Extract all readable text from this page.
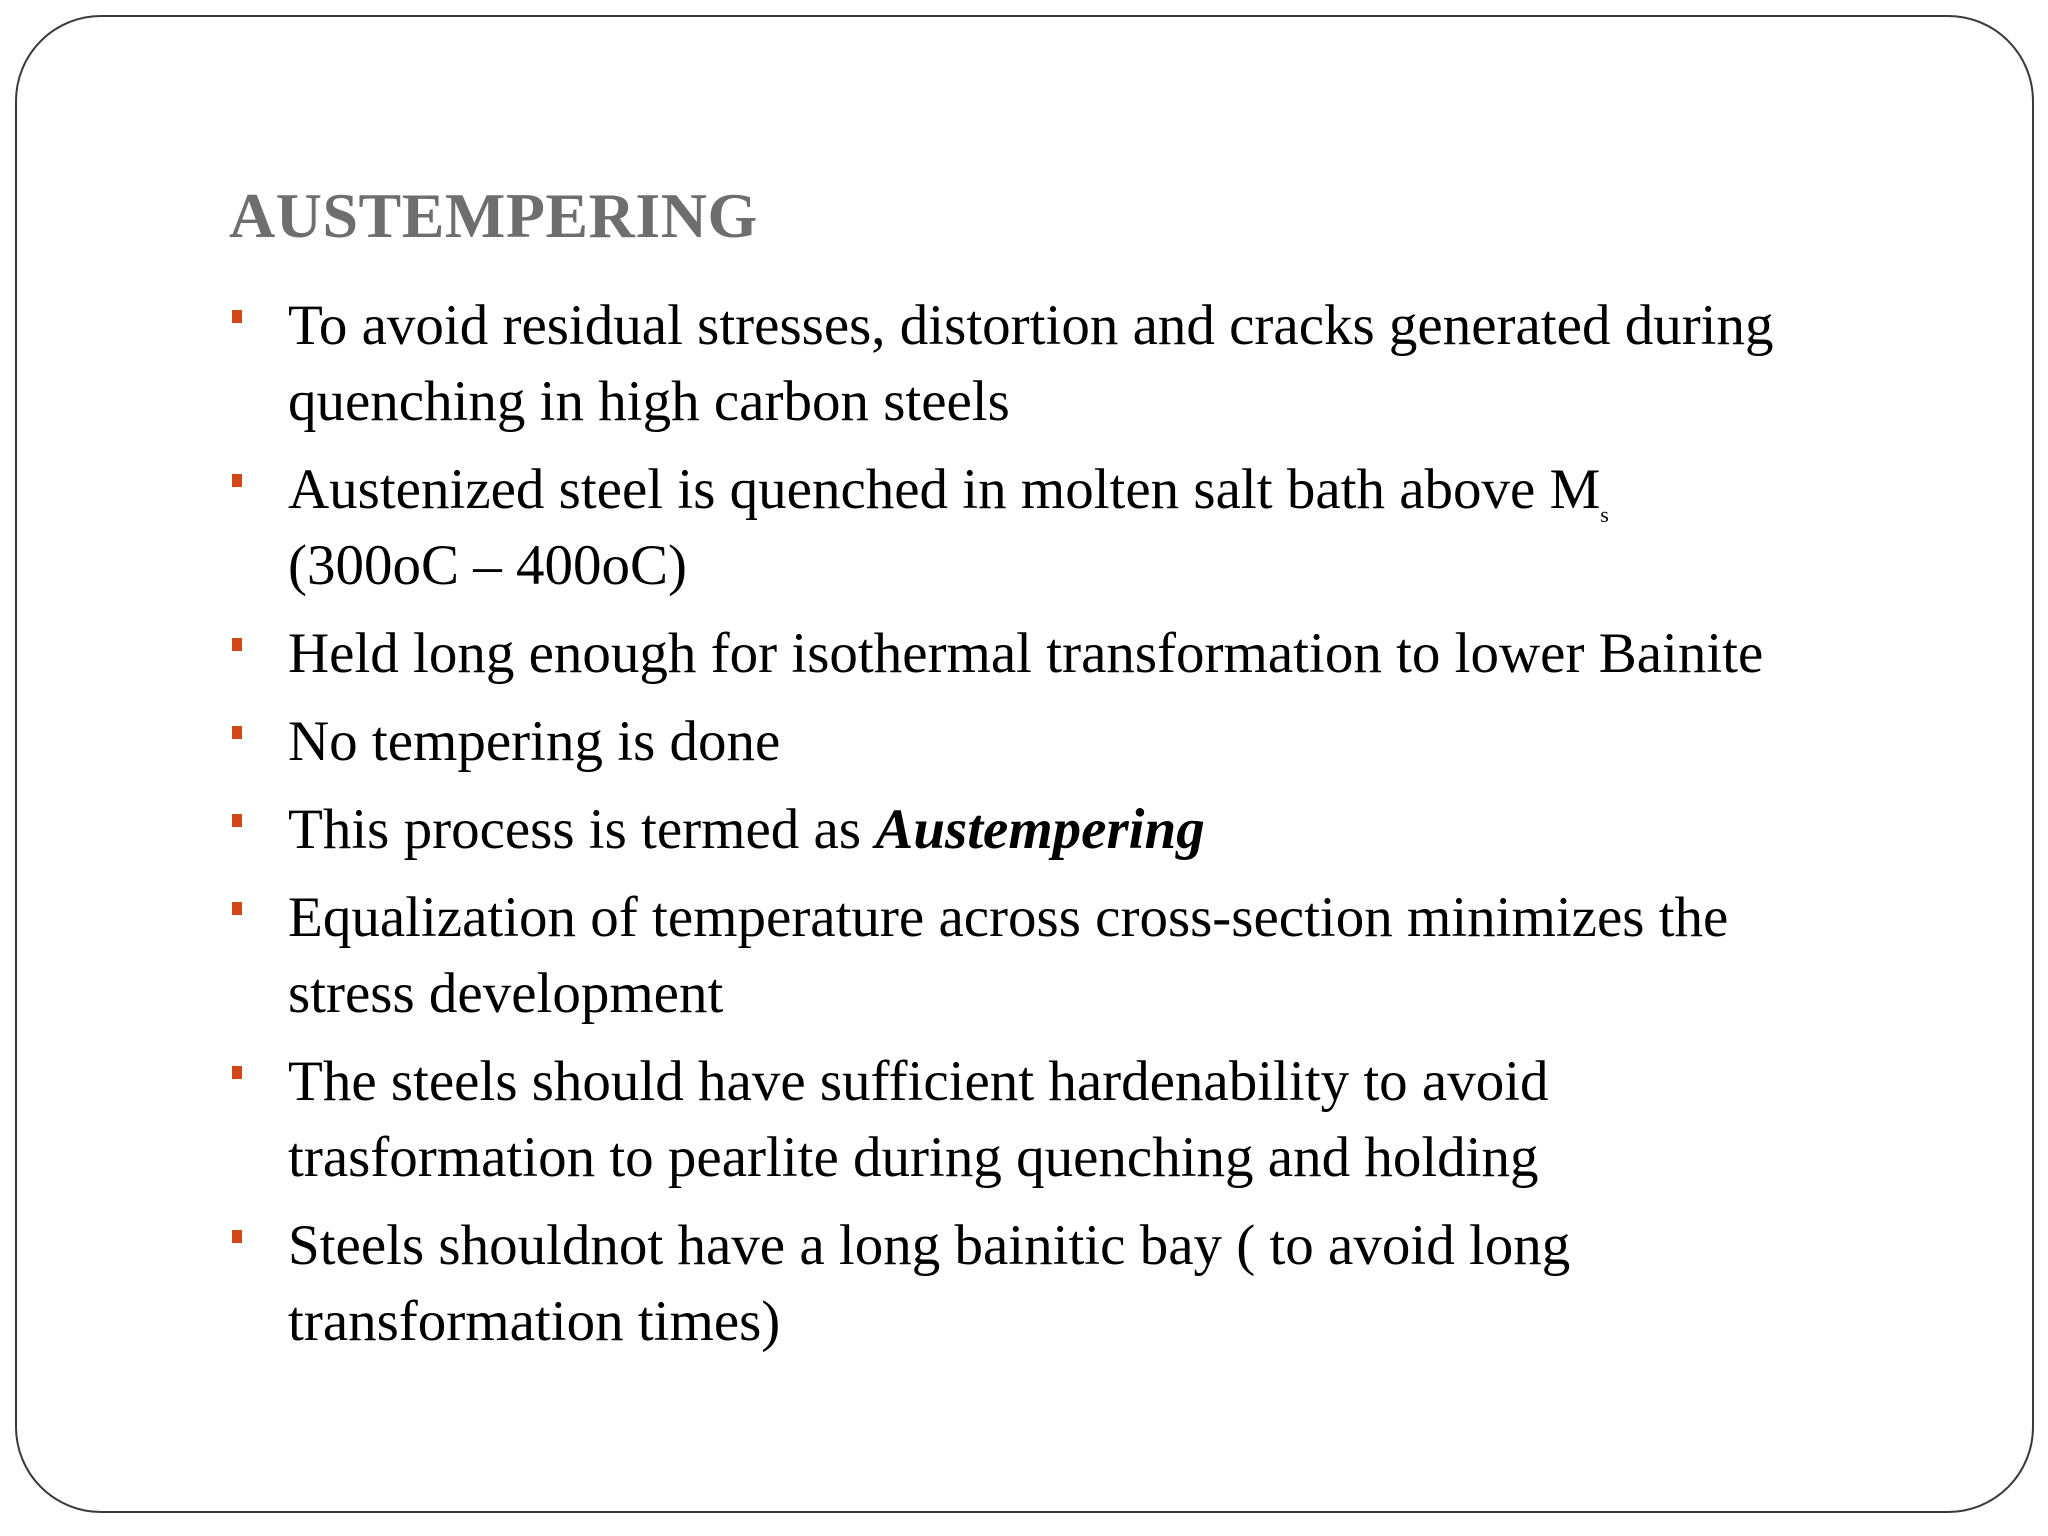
AUSTEMPERING
To avoid residual stresses, distortion and cracks generated during
quenching in high carbon steels
Austenized steel is quenched in molten salt bath above $M_s$
(300oC – 400oC)
Held long enough for isothermal transformation to lower Bainite
No tempering is done
This process is termed as Austempering
Equalization of temperature across cross-section minimizes the
stress development
The steels should have sufficient hardenability to avoid
trasformation to pearlite during quenching and holding
Steels shouldnot have a long bainitic bay ( to avoid long
transformation times)
